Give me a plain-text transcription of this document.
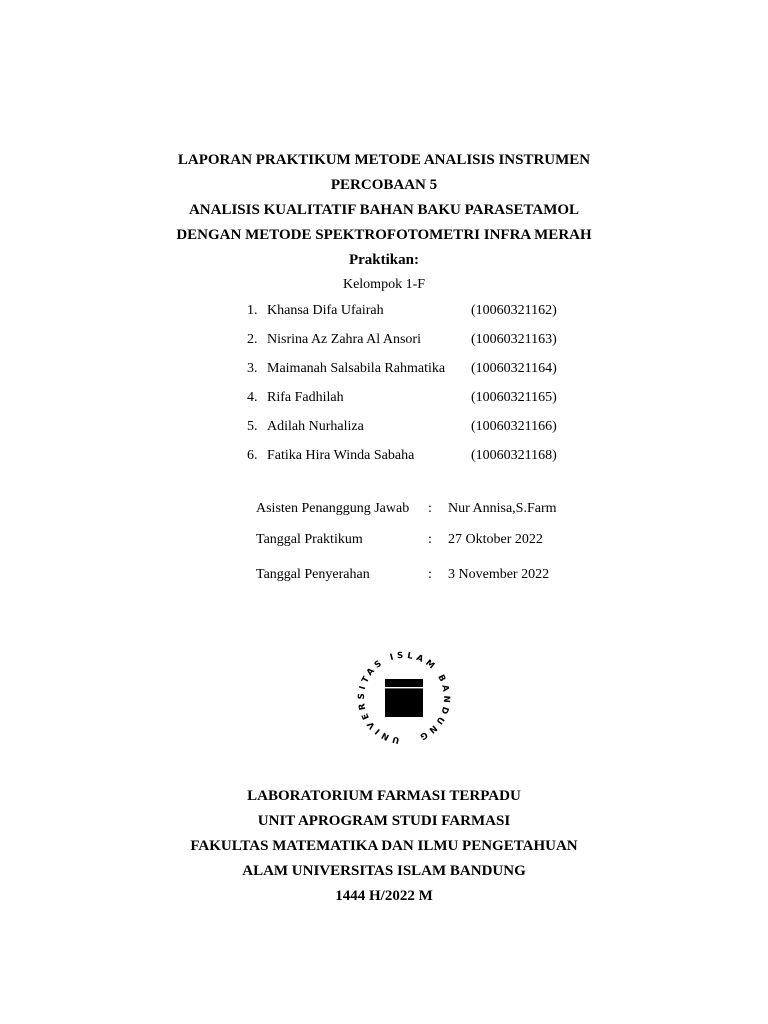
LAPORAN PRAKTIKUM METODE ANALISIS INSTRUMEN
PERCOBAAN 5
ANALISIS KUALITATIF BAHAN BAKU PARASETAMOL
DENGAN METODE SPEKTROFOTOMETRI INFRA MERAH
Praktikan:
Kelompok 1-F
1. Khansa Difa Ufairah	(10060321162)
2. Nisrina Az Zahra Al Ansori	(10060321163)
3. Maimanah Salsabila Rahmatika (10060321164)
4. Rifa Fadhilah	(10060321165)
5. Adilah Nurhaliza	(10060321166)
6. Fatika Hira Winda Sabaha	(10060321168)
Asisten Penanggung Jawab : Nur Annisa,S.Farm
Tanggal Praktikum	: 27 Oktober 2022
Tanggal Penyerahan	: 3 November 2022
UNIVERSITAS ISLAM BANDUNG
LABORATORIUM FARMASI TERPADU
UNIT APROGRAM STUDI FARMASI
FAKULTAS MATEMATIKA DAN ILMU PENGETAHUAN
ALAM UNIVERSITAS ISLAM BANDUNG
1444 H/2022 M
